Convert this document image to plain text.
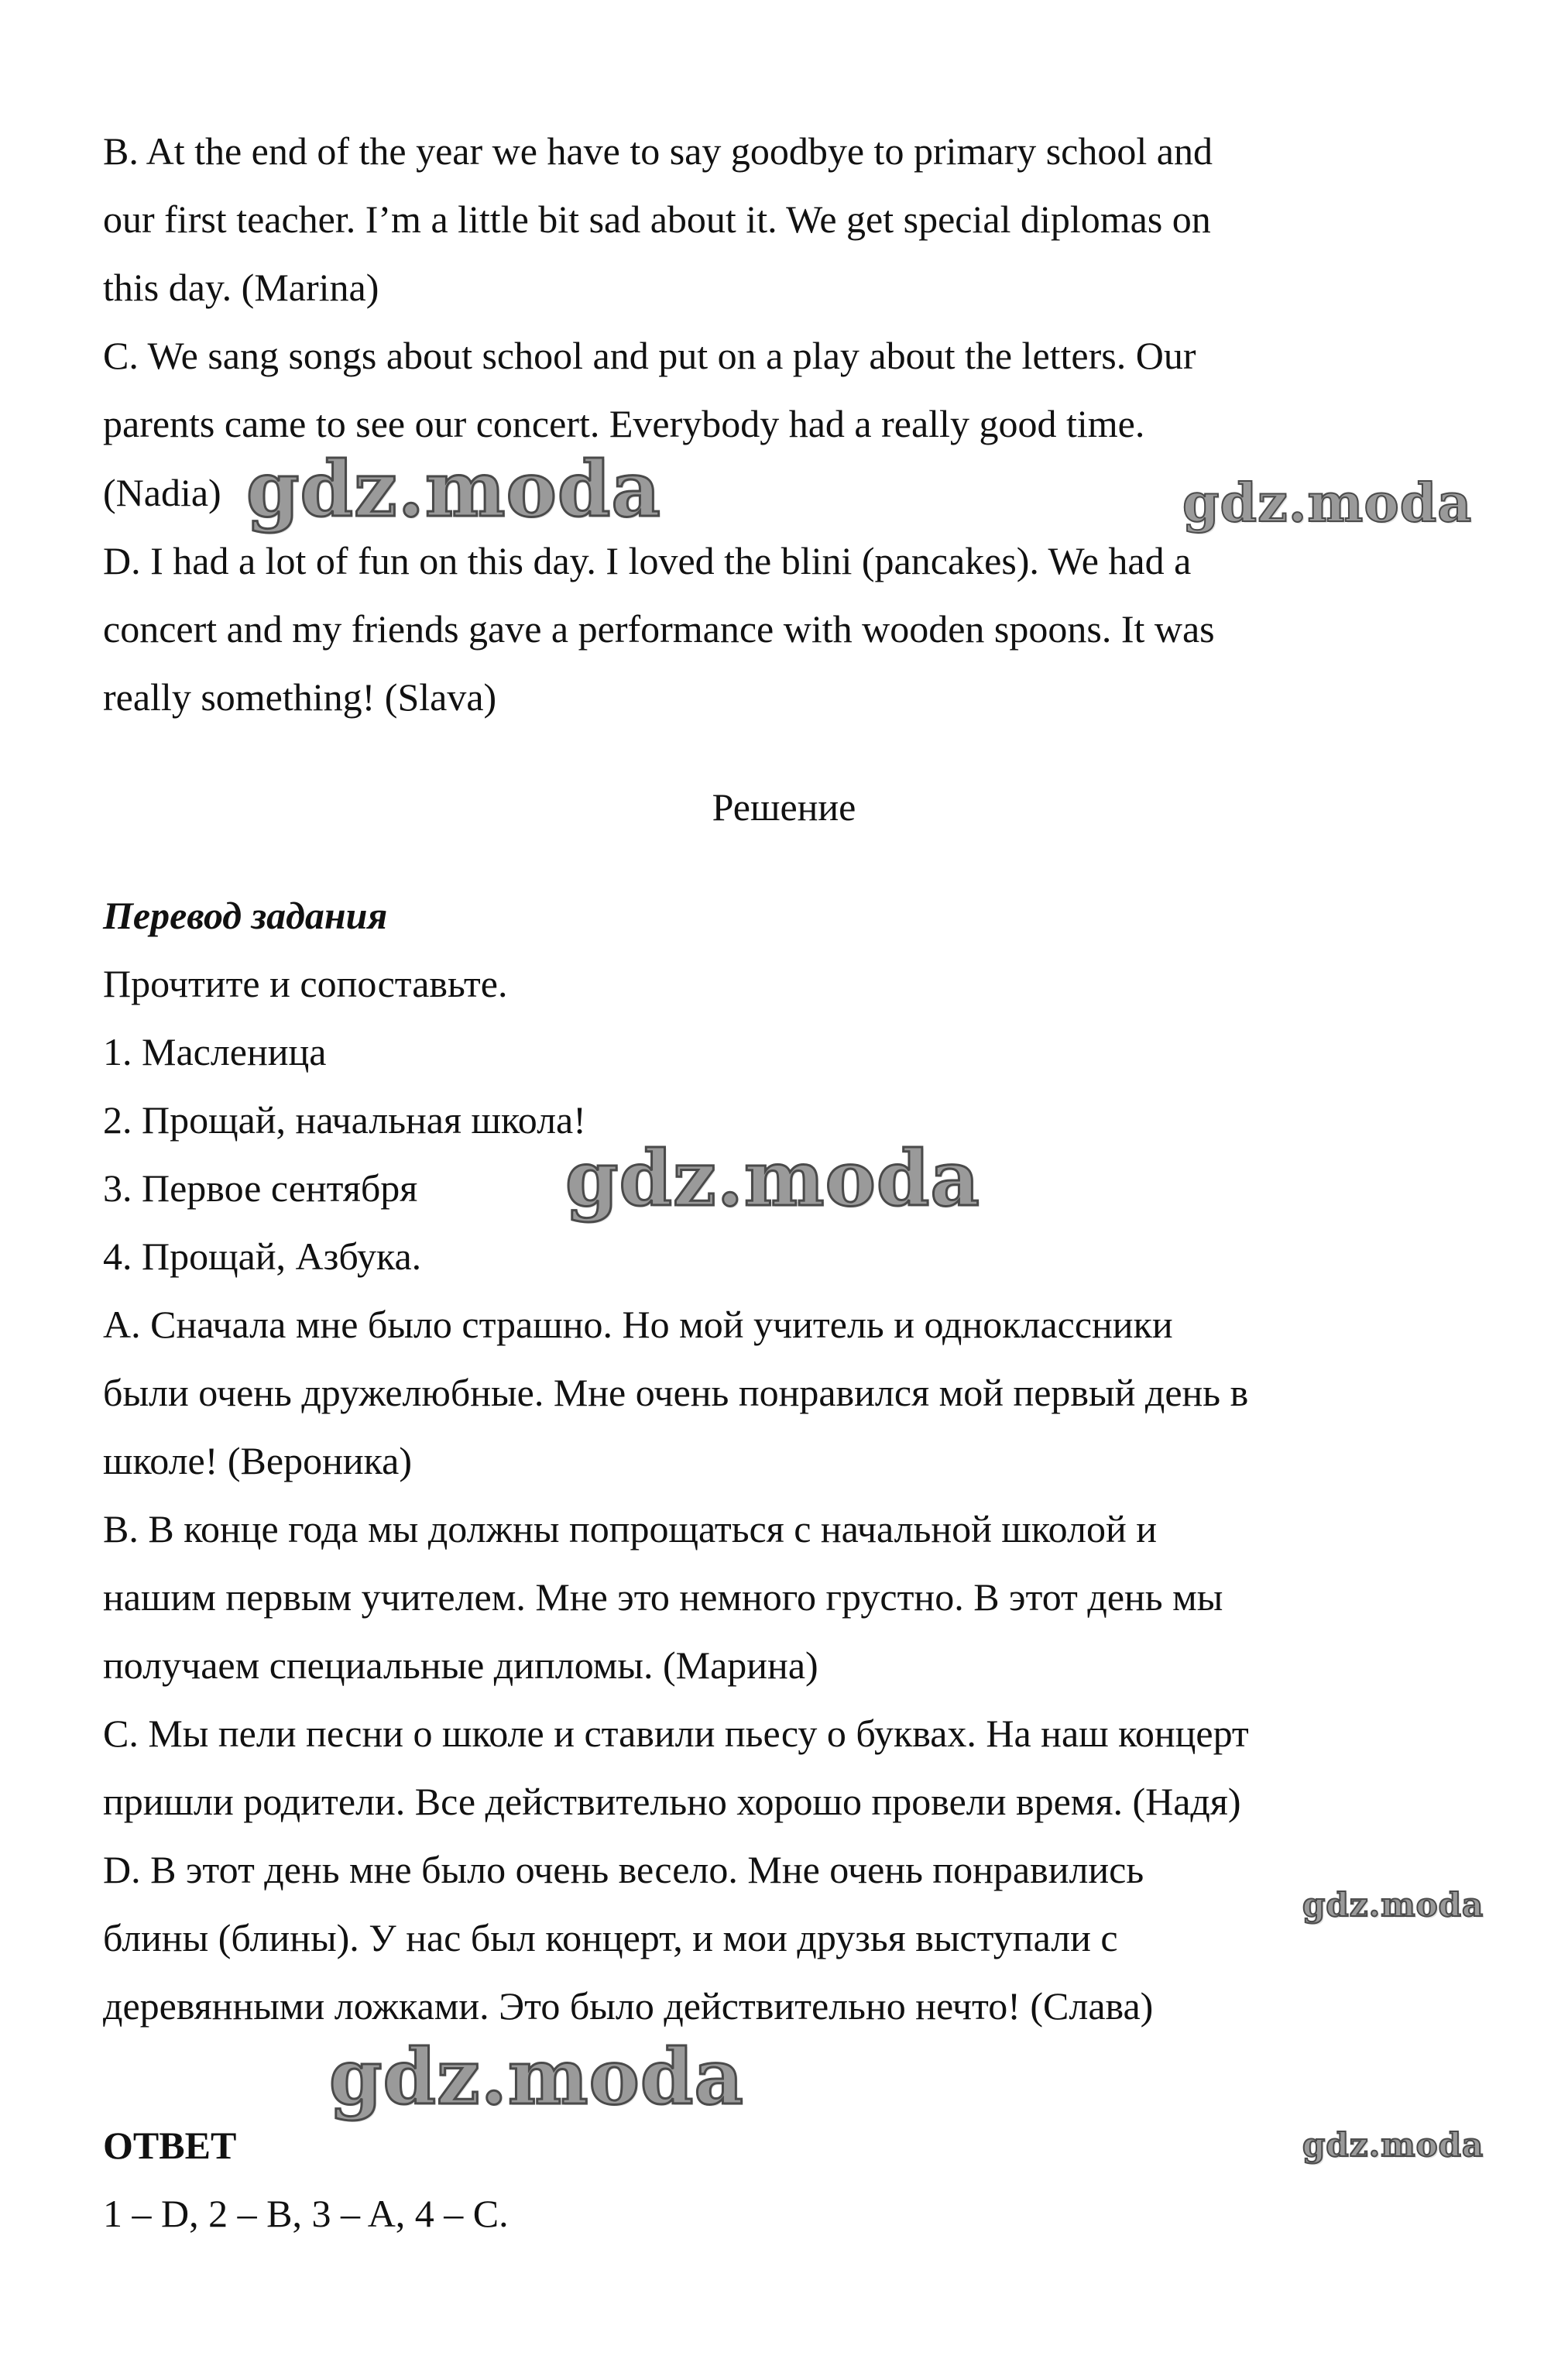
B. At the end of the year we have to say goodbye to primary school and
our first teacher. I’m a little bit sad about it. We get special diplomas on
this day. (Marina)
C. We sang songs about school and put on a play about the letters. Our
parents came to see our concert. Everybody had a really good time.
(Nadia)
D. I had a lot of fun on this day. I loved the blini (pancakes). We had a
concert and my friends gave a performance with wooden spoons. It was
really something! (Slava)
Решение
Перевод задания
Прочтите и сопоставьте.
1. Масленица
2. Прощай, начальная школа!
3. Первое сентября
4. Прощай, Азбука.
A. Сначала мне было страшно. Но мой учитель и одноклассники
были очень дружелюбные. Мне очень понравился мой первый день в
школе! (Вероника)
B. В конце года мы должны попрощаться с начальной школой и
нашим первым учителем. Мне это немного грустно. В этот день мы
получаем специальные дипломы. (Марина)
C. Мы пели песни о школе и ставили пьесу о буквах. На наш концерт
пришли родители. Все действительно хорошо провели время. (Надя)
D. В этот день мне было очень весело. Мне очень понравились
блины (блины). У нас был концерт, и мои друзья выступали с
деревянными ложками. Это было действительно нечто! (Слава)
ОТВЕТ
1 – D, 2 – B, 3 – A, 4 – C.
gdz.moda	gdz.moda
gdz.moda
gdz.moda
gdz.moda
gdz.moda
